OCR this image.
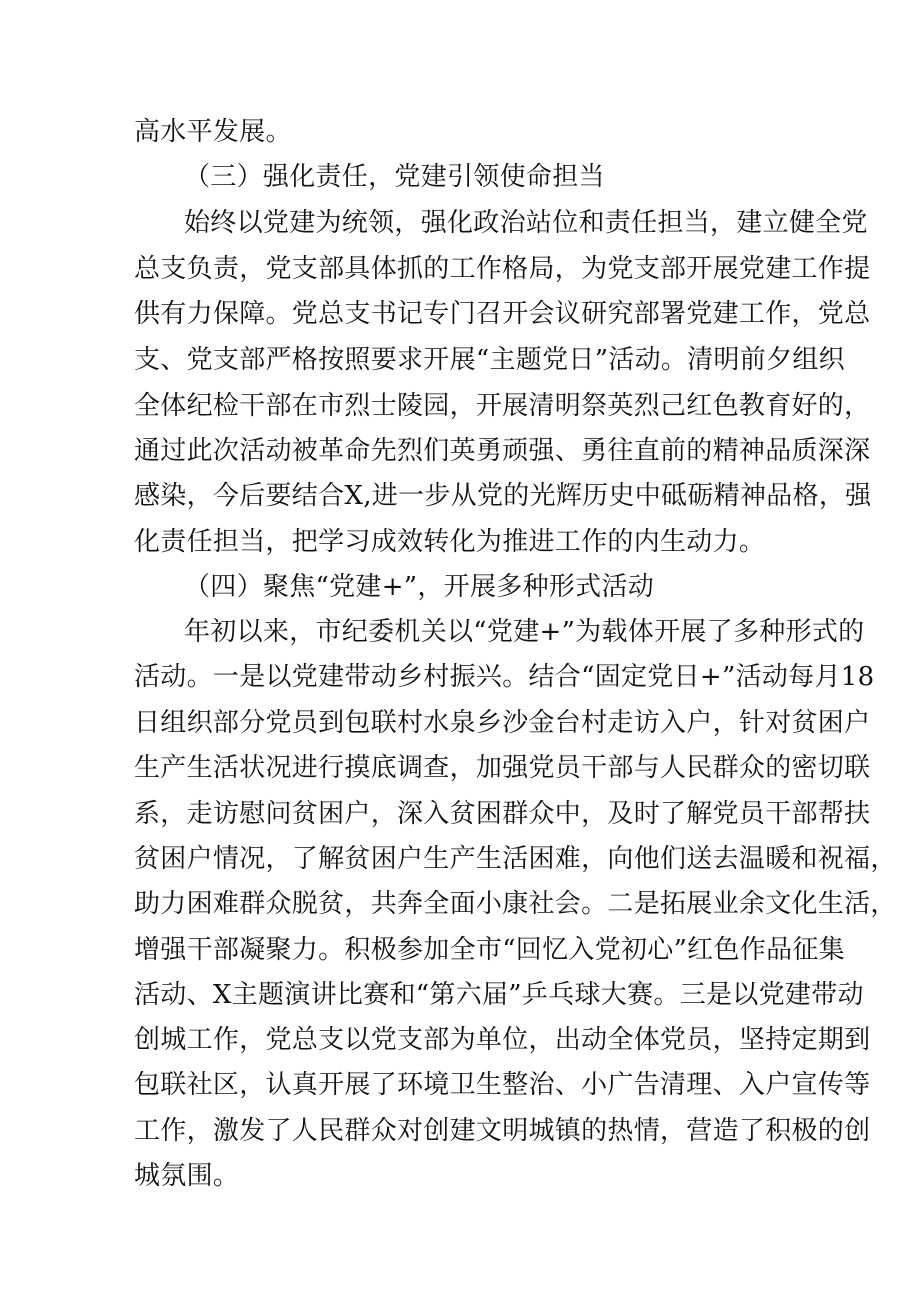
高水平发展。
（三）强化责任，党建引领使命担当
始终以党建为统领，强化政治站位和责任担当，建立健全党
总支负责，党支部具体抓的工作格局，为党支部开展党建工作提
供有力保障。党总支书记专门召开会议研究部署党建工作，党总
支、党支部严格按照要求开展“主题党日”活动。清明前夕组织
全体纪检干部在市烈士陵园，开展清明祭英烈己红色教育好的，
通过此次活动被革命先烈们英勇顽强、勇往直前的精神品质深深
感染，今后要结合X,进一步从党的光辉历史中砥砺精神品格，强
化责任担当，把学习成效转化为推进工作的内生动力。
（四）聚焦“党建+”，开展多种形式活动
年初以来，市纪委机关以“党建+”为载体开展了多种形式的
活动。一是以党建带动乡村振兴。结合“固定党日+”活动每月18
日组织部分党员到包联村水泉乡沙金台村走访入户，针对贫困户
生产生活状况进行摸底调查，加强党员干部与人民群众的密切联
系，走访慰问贫困户，深入贫困群众中，及时了解党员干部帮扶
贫困户情况，了解贫困户生产生活困难，向他们送去温暖和祝福，
助力困难群众脱贫，共奔全面小康社会。二是拓展业余文化生活，
增强干部凝聚力。积极参加全市“回忆入党初心”红色作品征集
活动、X主题演讲比赛和“第六届”乒乓球大赛。三是以党建带动
创城工作，党总支以党支部为单位，出动全体党员，坚持定期到
包联社区，认真开展了环境卫生整治、小广告清理、入户宣传等
工作，激发了人民群众对创建文明城镇的热情，营造了积极的创
城氛围。
